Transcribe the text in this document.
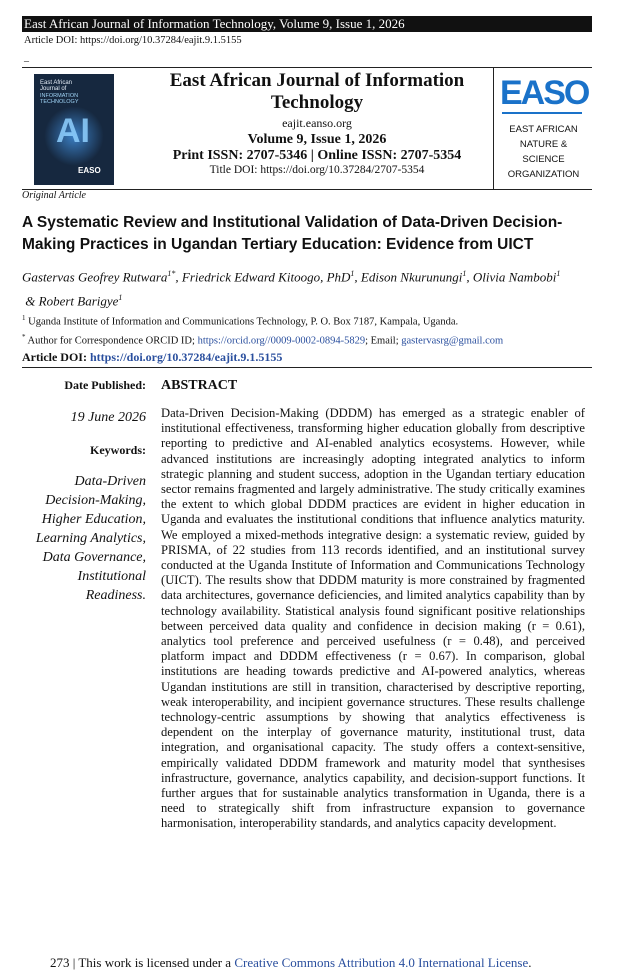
East African Journal of Information Technology, Volume 9, Issue 1, 2026
Article DOI: https://doi.org/10.37284/eajit.9.1.5155
_
East African
Journal of
INFORMATION
TECHNOLOGY
AI
EASO
East African Journal of Information Technology
eajit.eanso.org
Volume 9, Issue 1, 2026
Print ISSN: 2707-5346 | Online ISSN: 2707-5354
Title DOI: https://doi.org/10.37284/2707-5354
EASO
EAST AFRICAN
NATURE &
SCIENCE
ORGANIZATION
Original Article
A Systematic Review and Institutional Validation of Data-Driven Decision-Making Practices in Ugandan Tertiary Education: Evidence from UICT
Gastervas Geofrey Rutwara$^{1*}$, Friedrick Edward Kitoogo, PhD$^1$, Edison Nkurunungi$^1$, Olivia Nambobi$^1$
& Robert Barigye$^1$
$^1$ Uganda Institute of Information and Communications Technology, P. O. Box 7187, Kampala, Uganda.
* Author for Correspondence ORCID ID; https://orcid.org//0009-0002-0894-5829; Email; gastervasrg@gmail.com
Article DOI: https://doi.org/10.37284/eajit.9.1.5155
Date Published:
19 June 2026
Keywords:
Data-Driven
Decision-Making,
Higher Education,
Learning Analytics,
Data Governance,
Institutional
Readiness.
ABSTRACT
Data-Driven Decision-Making (DDDM) has emerged as a strategic enabler of institutional effectiveness, transforming higher education globally from descriptive reporting to predictive and AI-enabled analytics ecosystems. However, while advanced institutions are increasingly adopting integrated analytics to inform strategic planning and student success, adoption in the Ugandan tertiary education sector remains fragmented and largely administrative. The study critically examines the extent to which global DDDM practices are evident in higher education in Uganda and evaluates the institutional conditions that influence analytics maturity. We employed a mixed-methods integrative design: a systematic review, guided by PRISMA, of 22 studies from 113 records identified, and an institutional survey conducted at the Uganda Institute of Information and Communications Technology (UICT). The results show that DDDM maturity is more constrained by fragmented data architectures, governance deficiencies, and limited analytics capability than by technology availability. Statistical analysis found significant positive relationships between perceived data quality and confidence in decision making (r = 0.61), analytics tool preference and perceived usefulness (r = 0.48), and perceived platform impact and DDDM effectiveness (r = 0.67). In comparison, global institutions are heading towards predictive and AI-powered analytics, whereas Ugandan institutions are still in transition, characterised by descriptive reporting, weak interoperability, and incipient governance structures. These results challenge technology-centric assumptions by showing that analytics effectiveness is dependent on the interplay of governance maturity, institutional trust, data integration, and organisational capacity. The study offers a context-sensitive, empirically validated DDDM framework and maturity model that synthesises infrastructure, governance, analytics capability, and decision-support functions. It further argues that for sustainable analytics transformation in Uganda, there is a need to strategically shift from infrastructure expansion to governance harmonisation, interoperability standards, and analytics capacity development.
273 | This work is licensed under a Creative Commons Attribution 4.0 International License.
